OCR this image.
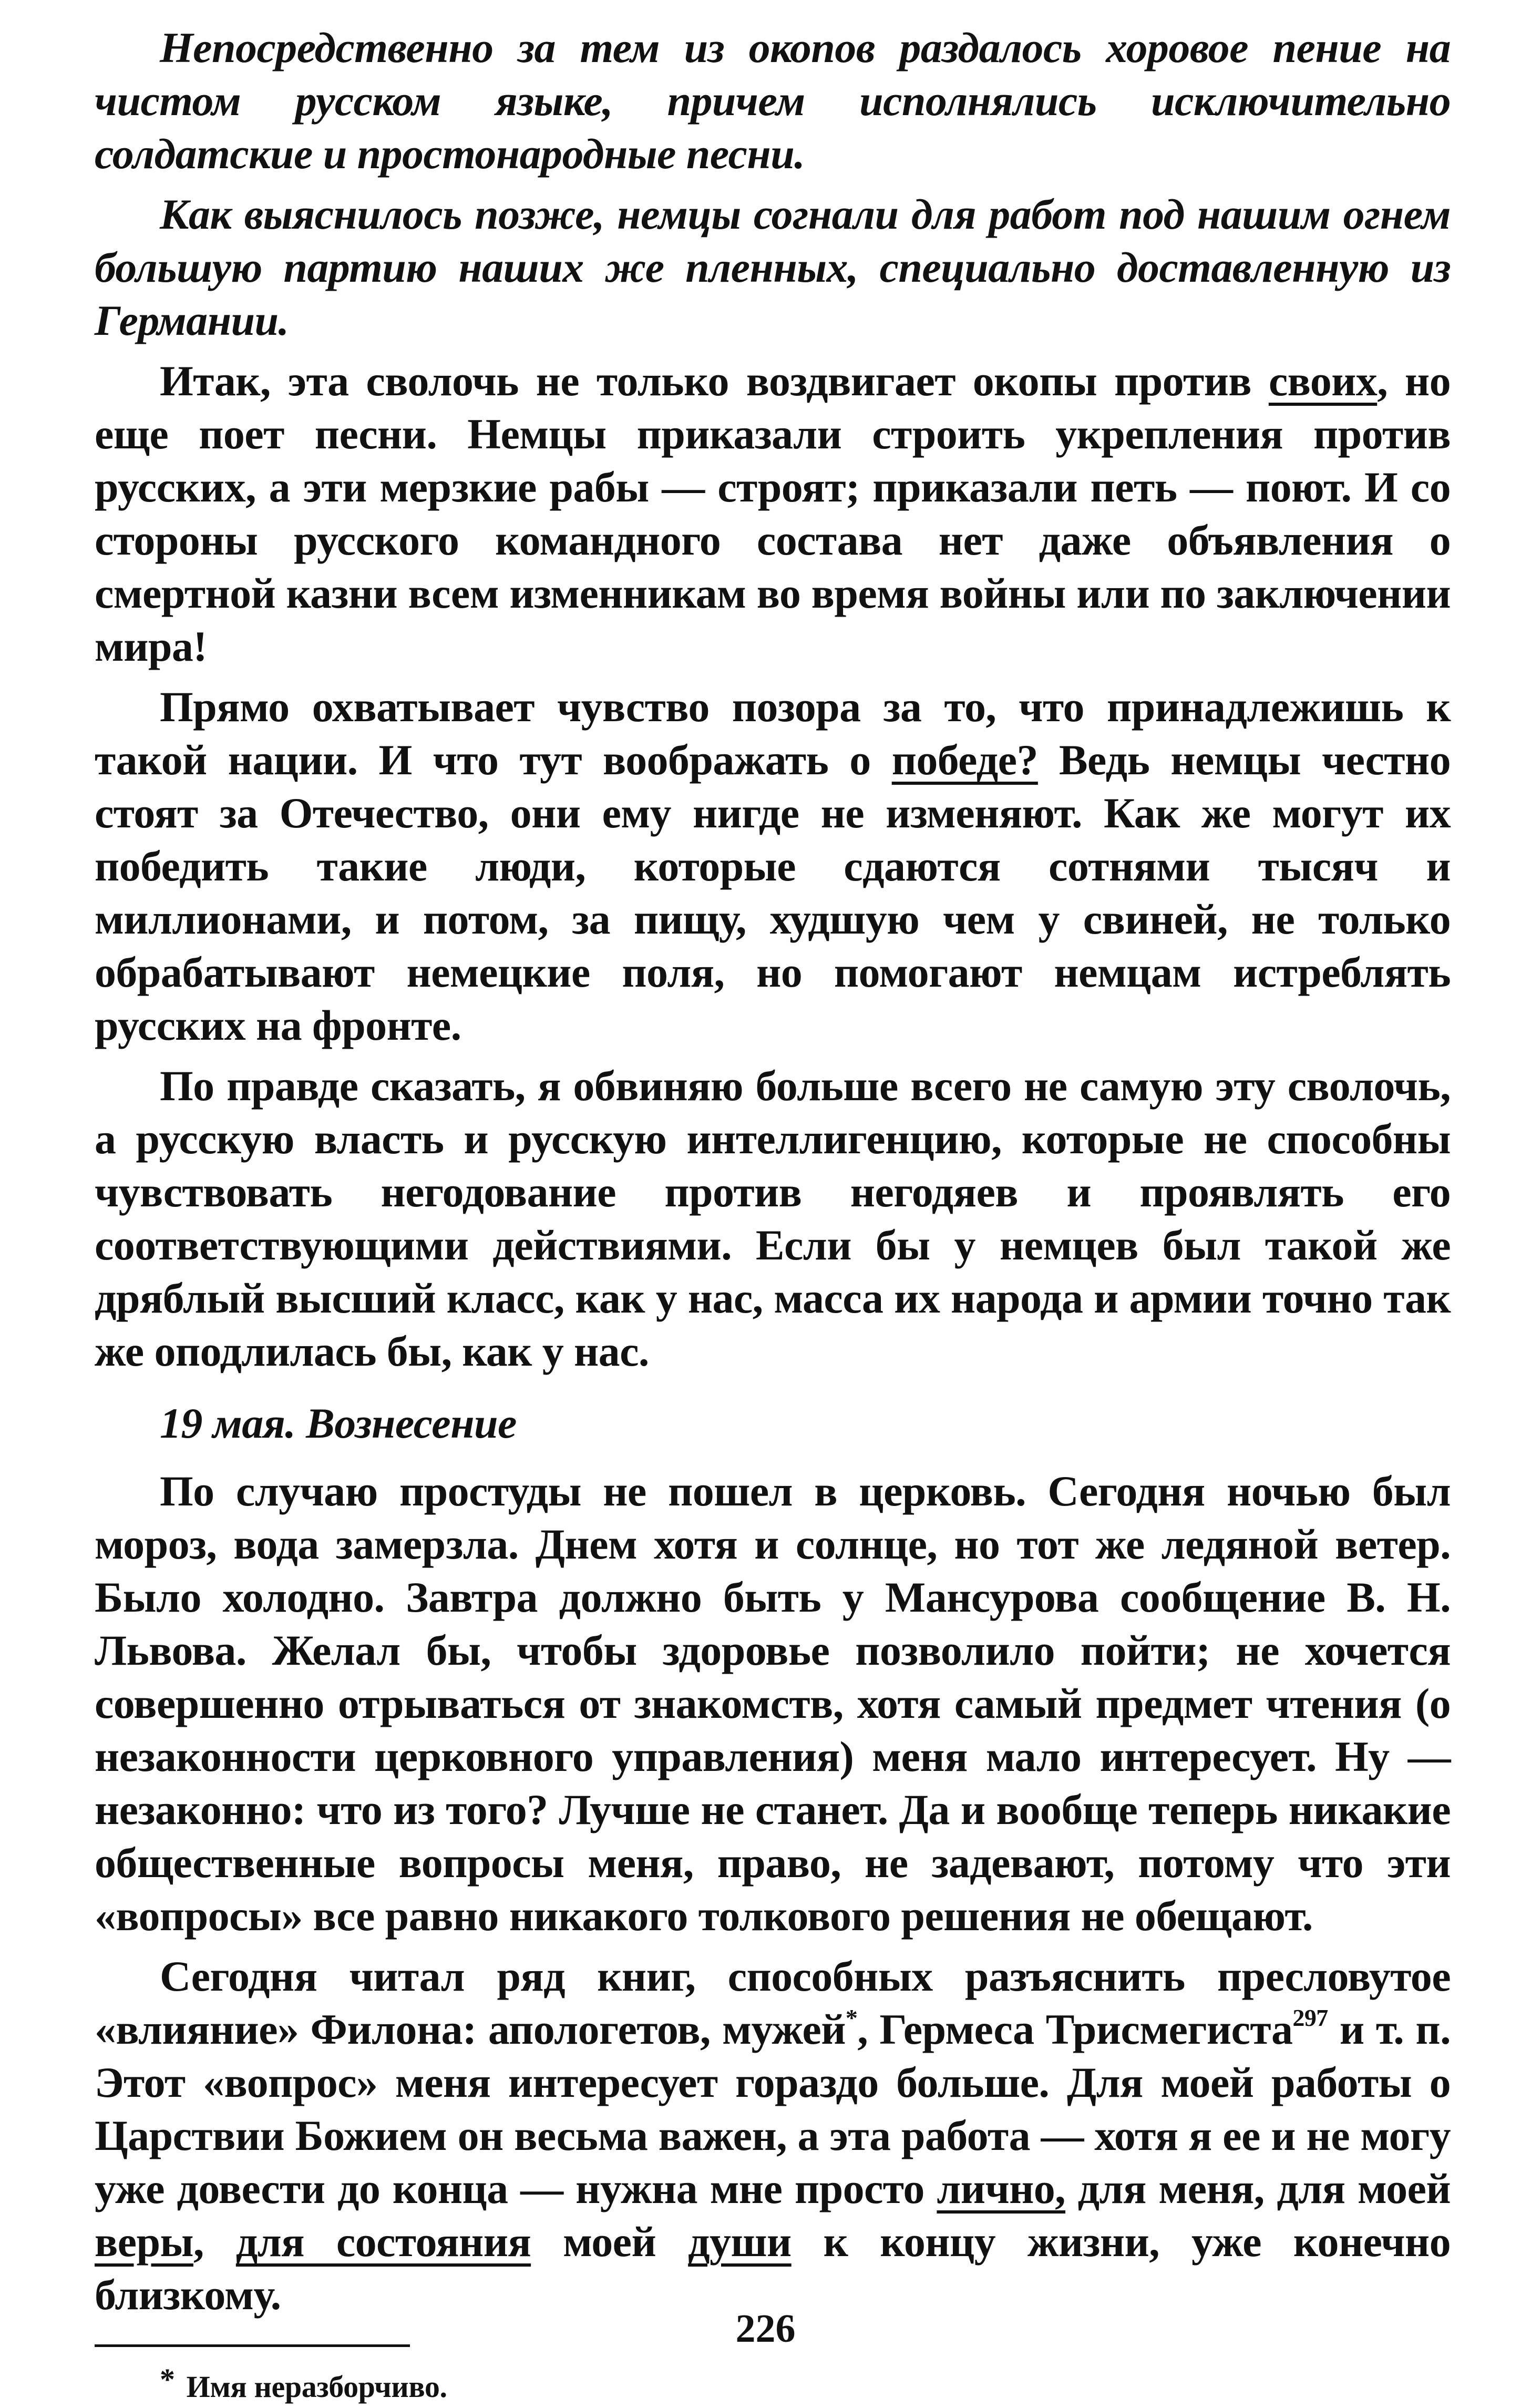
Непосредственно за тем из окопов раздалось хоровое пение на чистом русском языке, причем исполнялись исключительно солдатские и простонародные песни.

Как выяснилось позже, немцы согнали для работ под нашим огнем большую партию наших же пленных, специально доставленную из Германии.

Итак, эта сволочь не только воздвигает окопы против своих, но еще поет песни. Немцы приказали строить укрепления против русских, а эти мерзкие рабы — строят; приказали петь — поют. И со стороны русского командного состава нет даже объявления о смертной казни всем изменникам во время войны или по заключении мира!

Прямо охватывает чувство позора за то, что принадлежишь к такой нации. И что тут воображать о победе? Ведь немцы честно стоят за Отечество, они ему нигде не изменяют. Как же могут их победить такие люди, которые сдаются сотнями тысяч и миллионами, и потом, за пищу, худшую чем у свиней, не только обрабатывают немецкие поля, но помогают немцам истреблять русских на фронте.

По правде сказать, я обвиняю больше всего не самую эту сволочь, а русскую власть и русскую интеллигенцию, которые не способны чувствовать негодование против негодяев и проявлять его соответствующими действиями. Если бы у немцев был такой же дряблый высший класс, как у нас, масса их народа и армии точно так же оподлилась бы, как у нас.

19 мая. Вознесение

По случаю простуды не пошел в церковь. Сегодня ночью был мороз, вода замерзла. Днем хотя и солнце, но тот же ледяной ветер. Было холодно. Завтра должно быть у Мансурова сообщение В. Н. Львова. Желал бы, чтобы здоровье позволило пойти; не хочется совершенно отрываться от знакомств, хотя самый предмет чтения (о незаконности церковного управления) меня мало интересует. Ну — незаконно: что из того? Лучше не станет. Да и вообще теперь никакие общественные вопросы меня, право, не задевают, потому что эти «вопросы» все равно никакого толкового решения не обещают.

Сегодня читал ряд книг, способных разъяснить пресловутое «влияние» Филона: апологетов, мужей*, Гермеса Трисмегиста$^{297}$ и т. п. Этот «вопрос» меня интересует гораздо больше. Для моей работы о Царствии Божием он весьма важен, а эта работа — хотя я ее и не могу уже довести до конца — нужна мне просто лично, для меня, для моей веры, для состояния моей души к концу жизни, уже конечно близкому.

* Имя неразборчиво.
226
